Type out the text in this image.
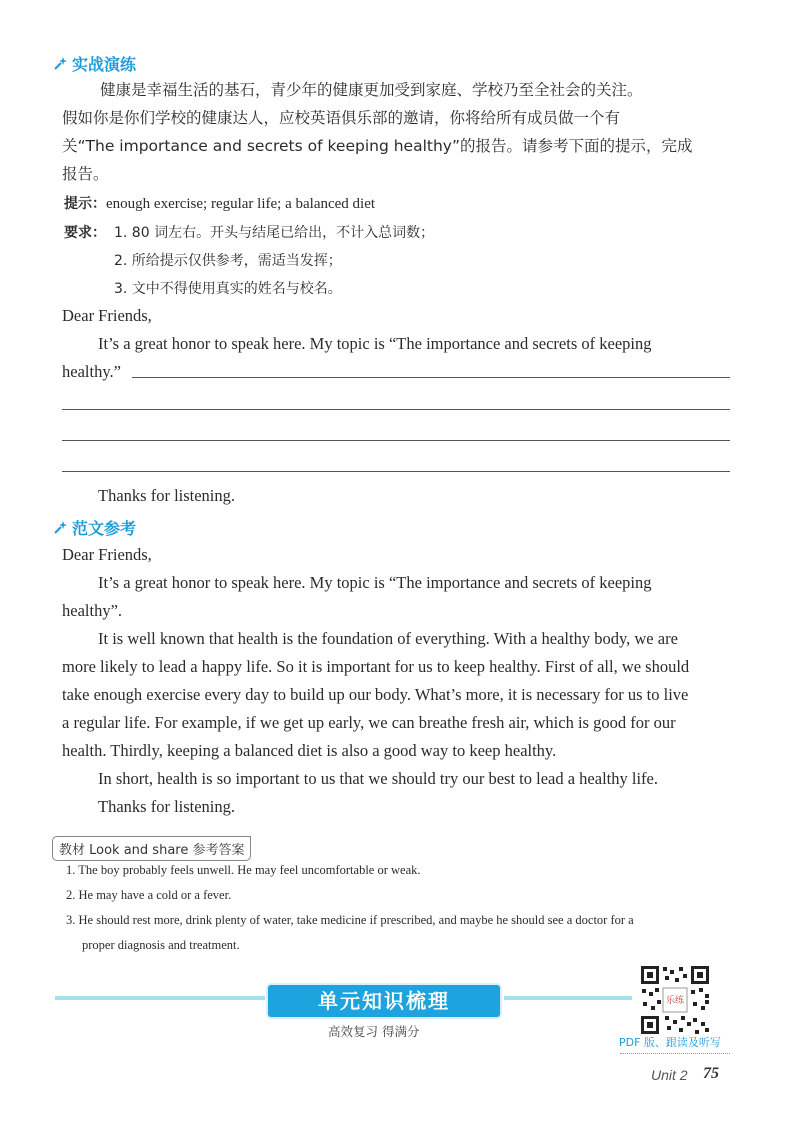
实战演练
健康是幸福生活的基石，青少年的健康更加受到家庭、学校乃至全社会的关注。
假如你是你们学校的健康达人，应校英语俱乐部的邀请，你将给所有成员做一个有
关“The importance and secrets of keeping healthy”的报告。请参考下面的提示，完成
报告。
提示：enough exercise; regular life; a balanced diet
要求： 1. 80 词左右。开头与结尾已给出，不计入总词数；
2. 所给提示仅供参考，需适当发挥；
3. 文中不得使用真实的姓名与校名。
Dear Friends,
It’s a great honor to speak here. My topic is “The importance and secrets of keeping
healthy.”
Thanks for listening.
范文参考
Dear Friends,
It’s a great honor to speak here. My topic is “The importance and secrets of keeping
healthy”.
It is well known that health is the foundation of everything. With a healthy body, we are
more likely to lead a happy life. So it is important for us to keep healthy. First of all, we should
take enough exercise every day to build up our body. What’s more, it is necessary for us to live
a regular life. For example, if we get up early, we can breathe fresh air, which is good for our
health. Thirdly, keeping a balanced diet is also a good way to keep healthy.
In short, health is so important to us that we should try our best to lead a healthy life.
Thanks for listening.
教材 Look and share 参考答案
1. The boy probably feels unwell. He may feel uncomfortable or weak.
2. He may have a cold or a fever.
3. He should rest more, drink plenty of water, take medicine if prescribed, and maybe he should see a doctor for a
proper diagnosis and treatment.
单元知识梳理
高效复习 得满分
乐练
PDF 版、跟读及听写
Unit 2 75
